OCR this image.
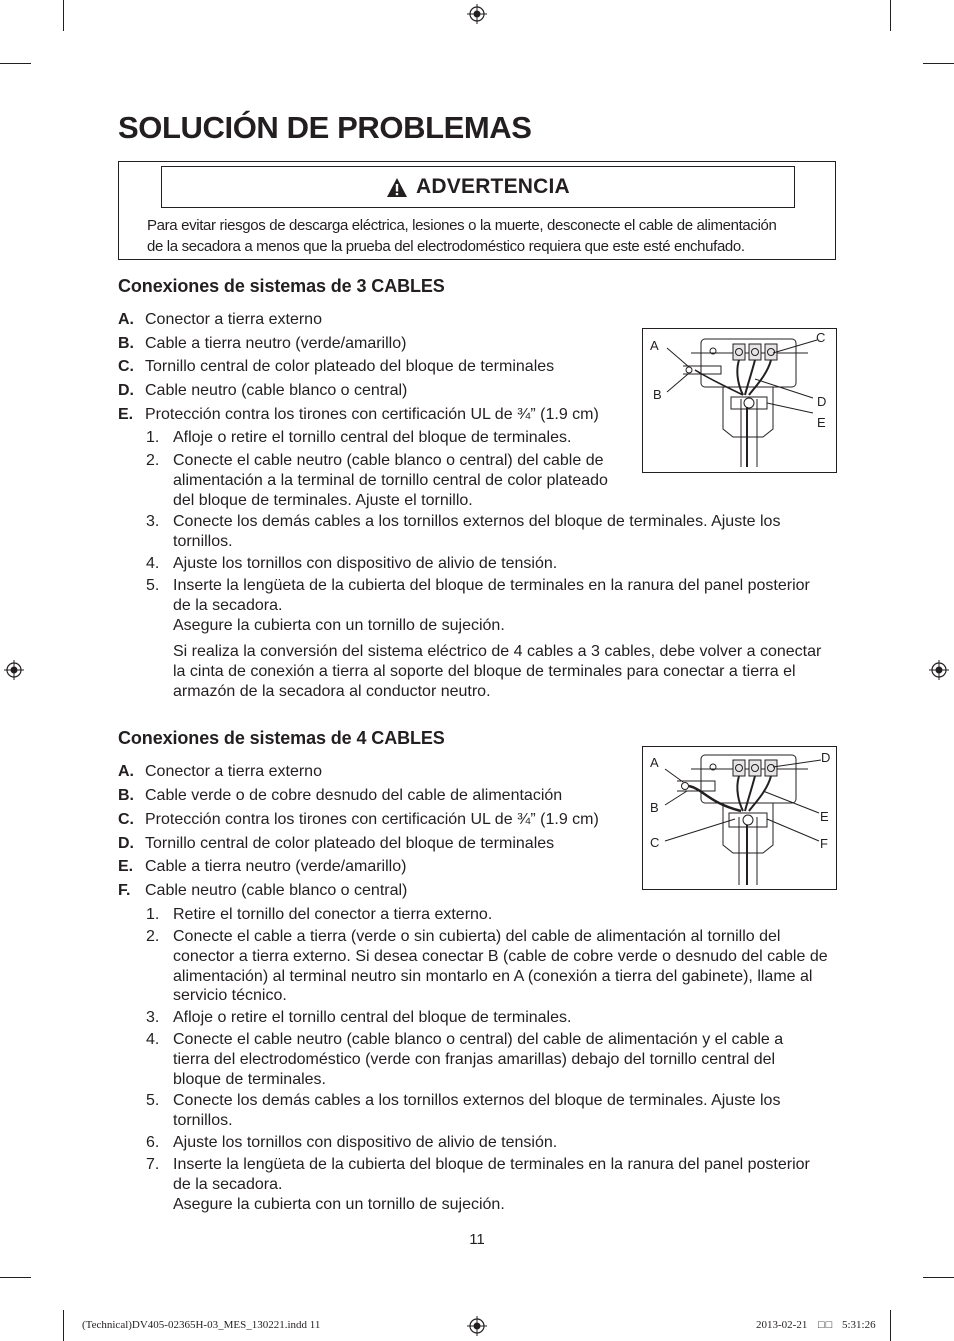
SOLUCIÓN DE PROBLEMAS
ADVERTENCIA

Para evitar riesgos de descarga eléctrica, lesiones o la muerte, desconecte el cable de alimentación
de la secadora a menos que la prueba del electrodoméstico requiera que este esté enchufado.

Conexiones de sistemas de 3 CABLES
A. Conector a tierra externo
B. Cable a tierra neutro (verde/amarillo)
C. Tornillo central de color plateado del bloque de terminales
D. Cable neutro (cable blanco o central)
E. Protección contra los tirones con certificación UL de ¾” (1.9 cm)
1. Afloje o retire el tornillo central del bloque de terminales.
2. Conecte el cable neutro (cable blanco o central) del cable de
alimentación a la terminal de tornillo central de color plateado
del bloque de terminales. Ajuste el tornillo.
3. Conecte los demás cables a los tornillos externos del bloque de terminales. Ajuste los
tornillos.
4. Ajuste los tornillos con dispositivo de alivio de tensión.
5. Inserte la lengüeta de la cubierta del bloque de terminales en la ranura del panel posterior
de la secadora.
Asegure la cubierta con un tornillo de sujeción.

Si realiza la conversión del sistema eléctrico de 4 cables a 3 cables, debe volver a conectar
la cinta de conexión a tierra al soporte del bloque de terminales para conectar a tierra el
armazón de la secadora al conductor neutro.

A
B
C
D
E
Conexiones de sistemas de 4 CABLES
A. Conector a tierra externo
B. Cable verde o de cobre desnudo del cable de alimentación
C. Protección contra los tirones con certificación UL de ¾” (1.9 cm)
D. Tornillo central de color plateado del bloque de terminales
E. Cable a tierra neutro (verde/amarillo)
F. Cable neutro (cable blanco o central)
1. Retire el tornillo del conector a tierra externo.
2. Conecte el cable a tierra (verde o sin cubierta) del cable de alimentación al tornillo del
conector a tierra externo. Si desea conectar B (cable de cobre verde o desnudo del cable de
alimentación) al terminal neutro sin montarlo en A (conexión a tierra del gabinete), llame al
servicio técnico.
3. Afloje o retire el tornillo central del bloque de terminales.
4. Conecte el cable neutro (cable blanco o central) del cable de alimentación y el cable a
tierra del electrodoméstico (verde con franjas amarillas) debajo del tornillo central del
bloque de terminales.
5. Conecte los demás cables a los tornillos externos del bloque de terminales. Ajuste los
tornillos.
6. Ajuste los tornillos con dispositivo de alivio de tensión.
7. Inserte la lengüeta de la cubierta del bloque de terminales en la ranura del panel posterior
de la secadora.
Asegure la cubierta con un tornillo de sujeción.
A
B
C
D
E
F
11
(Technical)DV405-02365H-03_MES_130221.indd 11	2013-02-21 □□ 5:31:26
